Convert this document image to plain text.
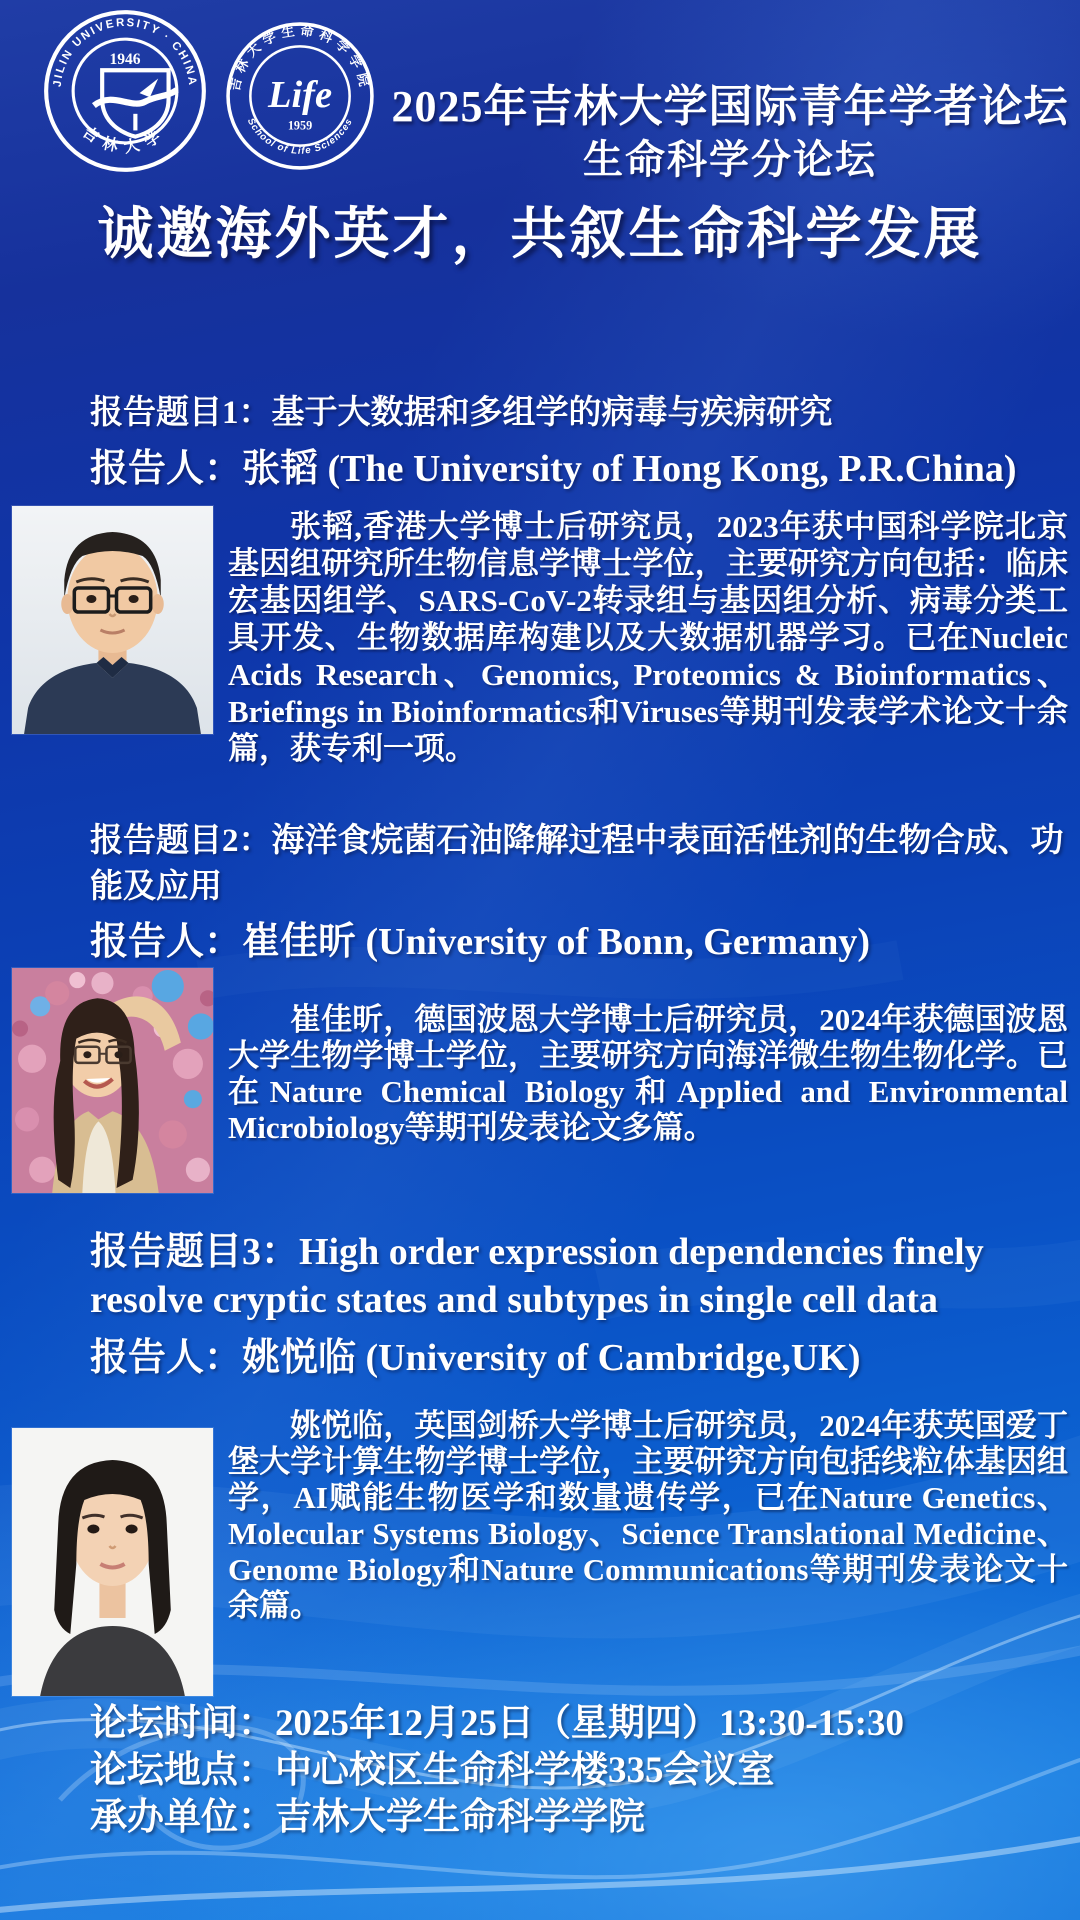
JILIN UNIVERSITY · CHINA
吉林大学
1946
吉林大学生命科学学院
School of Life Sciences
Life
1959 2025年吉林大学国际青年学者论坛
生命科学分论坛
诚邀海外英才，共叙生命科学发展
报告题目1：基于大数据和多组学的病毒与疾病研究
报告人：张韬 (The University of Hong Kong, P.R.China)
张韬,香港大学博士后研究员，2023年获中国科学院北京基因组研究所生物信息学博士学位，主要研究方向包括：临床宏基因组学、SARS-CoV-2转录组与基因组分析、病毒分类工具开发、生物数据库构建以及大数据机器学习。已在Nucleic Acids Research、Genomics, Proteomics & Bioinformatics、Briefings in Bioinformatics和Viruses等期刊发表学术论文十余篇，获专利一项。
报告题目2：海洋食烷菌石油降解过程中表面活性剂的生物合成、功能及应用
报告人：崔佳昕 (University of Bonn, Germany)
崔佳昕，德国波恩大学博士后研究员，2024年获德国波恩大学生物学博士学位，主要研究方向海洋微生物生物化学。已在Nature Chemical Biology和Applied and Environmental Microbiology等期刊发表论文多篇。
报告题目3：High order expression dependencies finely resolve cryptic states and subtypes in single cell data
报告人：姚悦临 (University of Cambridge,UK)
姚悦临，英国剑桥大学博士后研究员，2024年获英国爱丁堡大学计算生物学博士学位，主要研究方向包括线粒体基因组学，AI赋能生物医学和数量遗传学，已在Nature Genetics、Molecular Systems Biology、Science Translational Medicine、Genome Biology和Nature Communications等期刊发表论文十余篇。
论坛时间：2025年12月25日（星期四）13:30-15:30
论坛地点：中心校区生命科学楼335会议室
承办单位：吉林大学生命科学学院
